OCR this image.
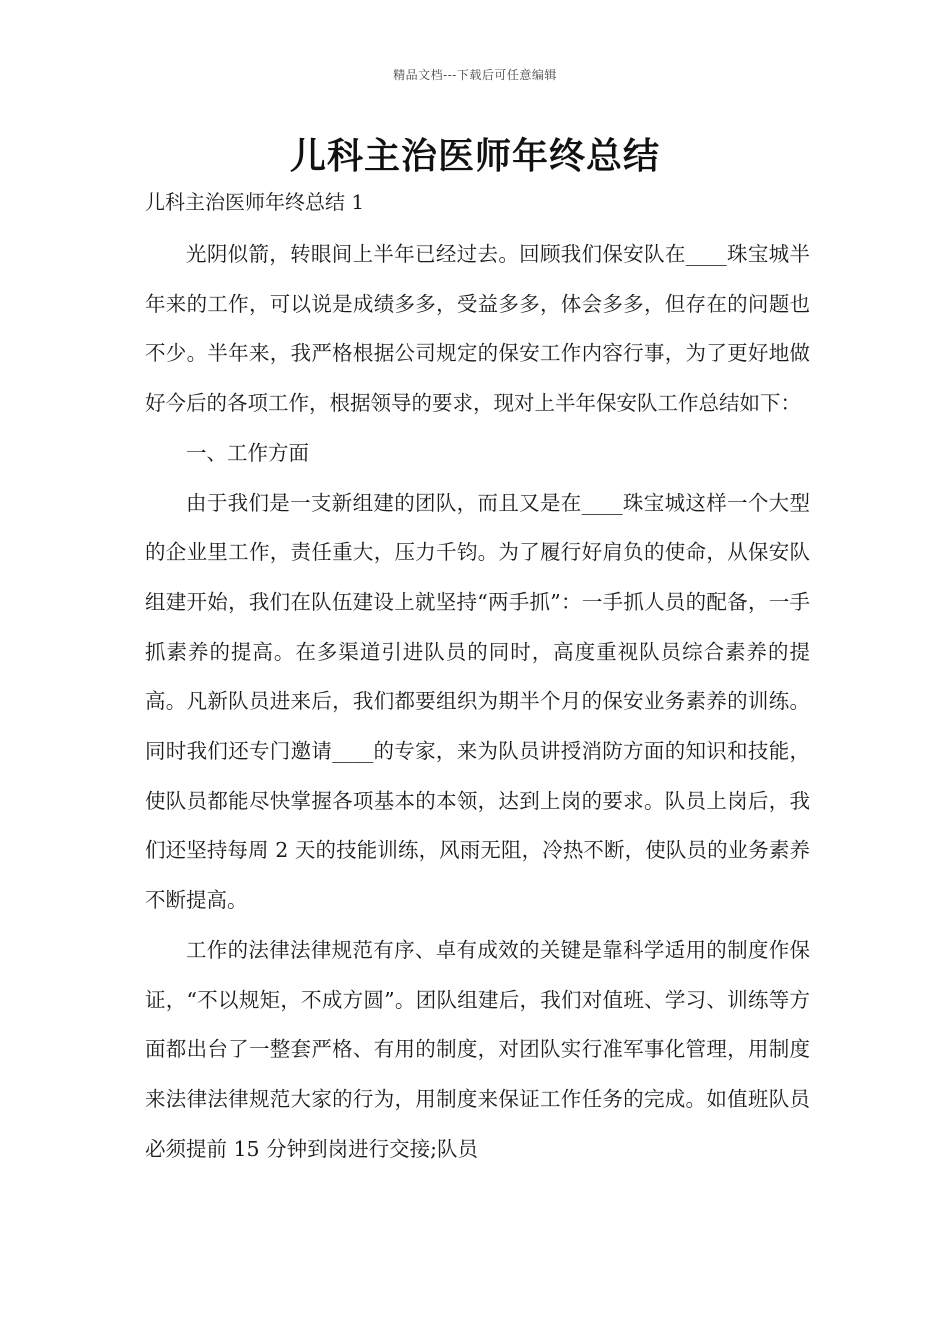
精品文档---下载后可任意编辑
儿科主治医师年终总结
儿科主治医师年终总结 1

光阴似箭，转眼间上半年已经过去。回顾我们保安队在____珠宝城半年来的工作，可以说是成绩多多，受益多多，体会多多，但存在的问题也不少。半年来，我严格根据公司规定的保安工作内容行事，为了更好地做好今后的各项工作，根据领导的要求，现对上半年保安队工作总结如下：

一、工作方面

由于我们是一支新组建的团队，而且又是在____珠宝城这样一个大型的企业里工作，责任重大，压力千钧。为了履行好肩负的使命，从保安队组建开始，我们在队伍建设上就坚持“两手抓”：一手抓人员的配备，一手抓素养的提高。在多渠道引进队员的同时，高度重视队员综合素养的提高。凡新队员进来后，我们都要组织为期半个月的保安业务素养的训练。同时我们还专门邀请____的专家，来为队员讲授消防方面的知识和技能，使队员都能尽快掌握各项基本的本领，达到上岗的要求。队员上岗后，我们还坚持每周 2 天的技能训练，风雨无阻，冷热不断，使队员的业务素养不断提高。

工作的法律法律规范有序、卓有成效的关键是靠科学适用的制度作保证，“不以规矩，不成方圆”。团队组建后，我们对值班、学习、训练等方面都出台了一整套严格、有用的制度，对团队实行准军事化管理，用制度来法律法律规范大家的行为，用制度来保证工作任务的完成。如值班队员必须提前 15 分钟到岗进行交接;队员
